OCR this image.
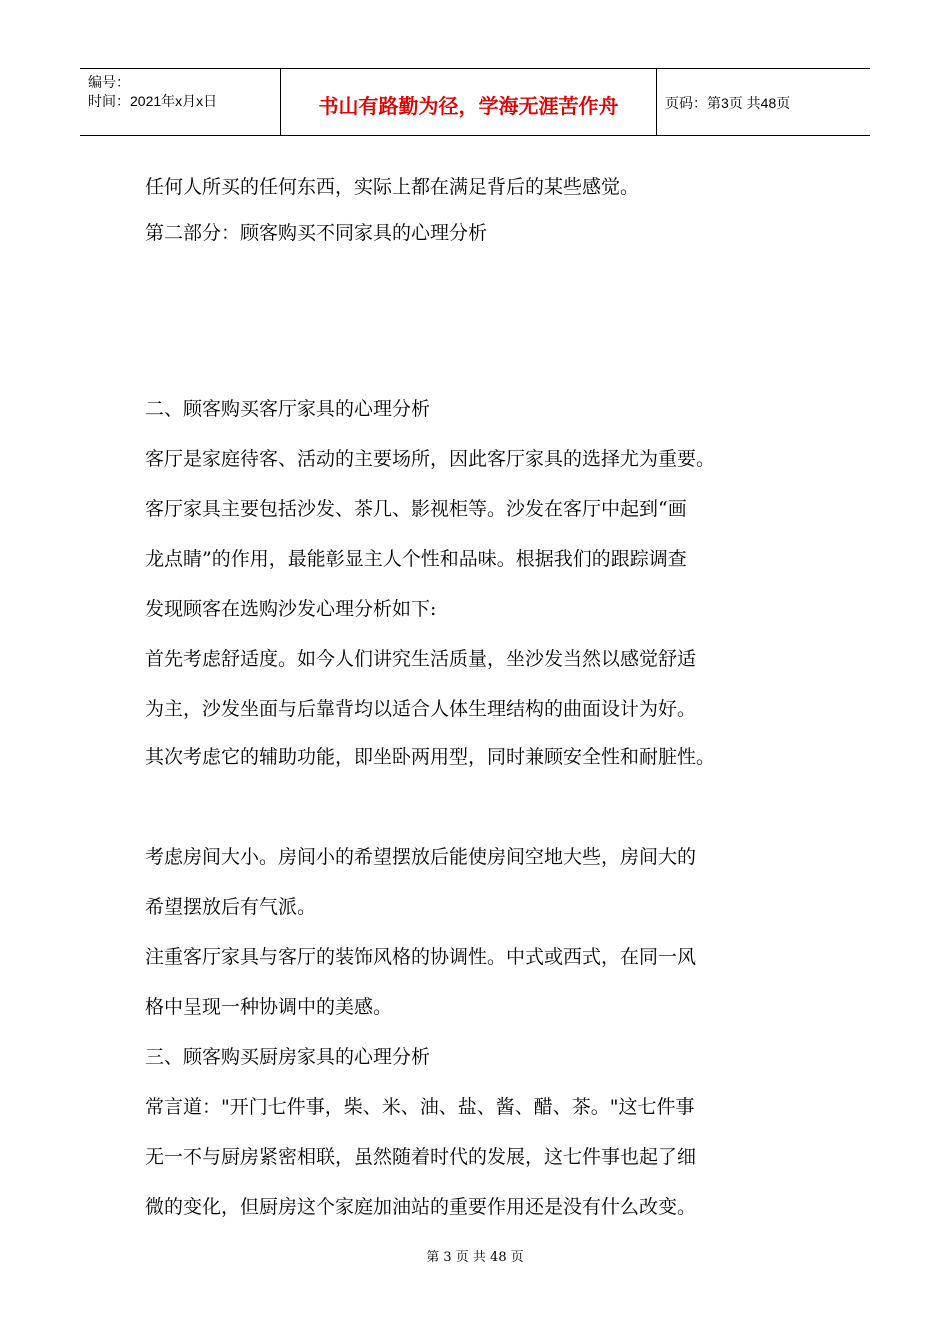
编号：
时间：2021年x月x日	书山有路勤为径，学海无涯苦作舟	页码：第3页 共48页
任何人所买的任何东西，实际上都在满足背后的某些感觉。
第二部分：顾客购买不同家具的心理分析
二、顾客购买客厅家具的心理分析
客厅是家庭待客、活动的主要场所，因此客厅家具的选择尤为重要。
客厅家具主要包括沙发、茶几、影视柜等。沙发在客厅中起到“画
龙点睛”的作用，最能彰显主人个性和品味。根据我们的跟踪调查
发现顾客在选购沙发心理分析如下:
首先考虑舒适度。如今人们讲究生活质量，坐沙发当然以感觉舒适
为主，沙发坐面与后靠背均以适合人体生理结构的曲面设计为好。
其次考虑它的辅助功能，即坐卧两用型，同时兼顾安全性和耐脏性。
考虑房间大小。房间小的希望摆放后能使房间空地大些，房间大的
希望摆放后有气派。
注重客厅家具与客厅的装饰风格的协调性。中式或西式，在同一风
格中呈现一种协调中的美感。
三、顾客购买厨房家具的心理分析
常言道："开门七件事，柴、米、油、盐、酱、醋、茶。"这七件事
无一不与厨房紧密相联，虽然随着时代的发展，这七件事也起了细
微的变化，但厨房这个家庭加油站的重要作用还是没有什么改变。
第 3 页 共 48 页
